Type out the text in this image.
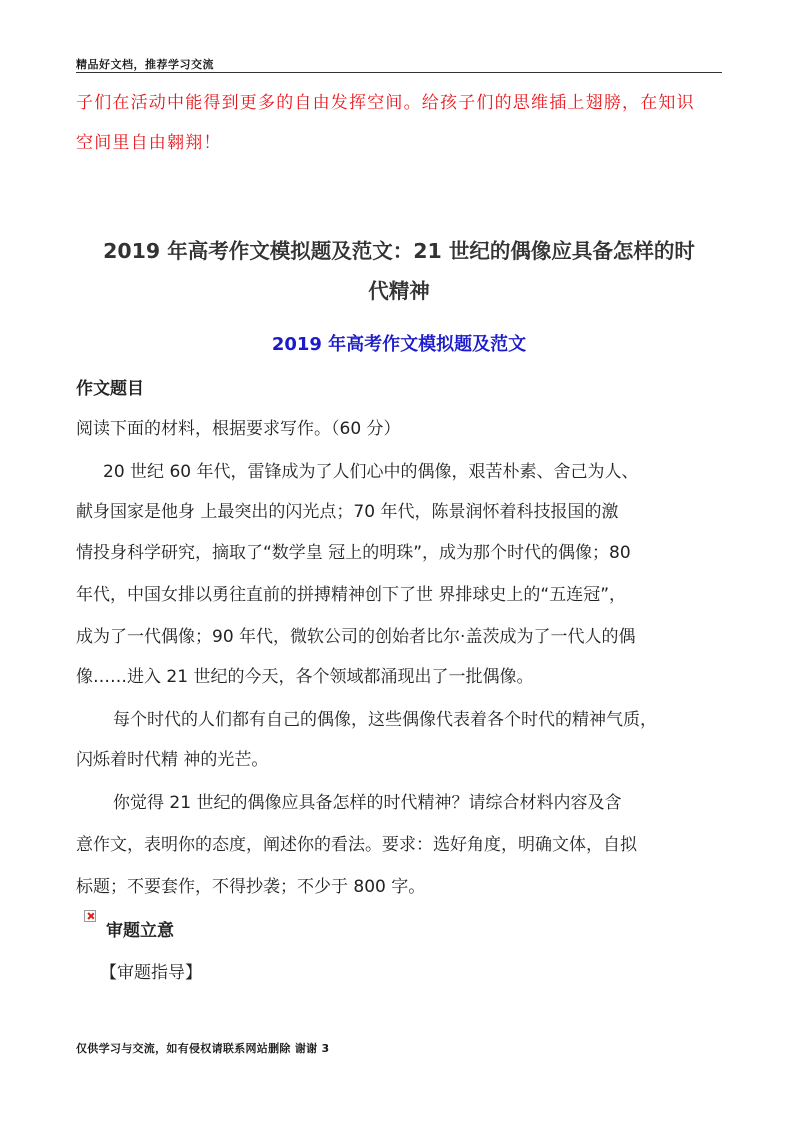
精品好文档，推荐学习交流
子们在活动中能得到更多的自由发挥空间。给孩子们的思维插上翅膀，在知识
空间里自由翱翔！
2019 年高考作文模拟题及范文：21 世纪的偶像应具备怎样的时
代精神
2019 年高考作文模拟题及范文
作文题目
阅读下面的材料，根据要求写作。（60 分）
　20 世纪 60 年代，雷锋成为了人们心中的偶像，艰苦朴素、舍己为人、
献身国家是他身 上最突出的闪光点；70 年代，陈景润怀着科技报国的激
情投身科学研究，摘取了“数学皇 冠上的明珠”，成为那个时代的偶像；80
年代，中国女排以勇往直前的拼搏精神创下了世 界排球史上的“五连冠”，
成为了一代偶像；90 年代，微软公司的创始者比尔·盖茨成为了一代人的偶
像……进入 21 世纪的今天，各个领域都涌现出了一批偶像。
　每个时代的人们都有自己的偶像，这些偶像代表着各个时代的精神气质，
闪烁着时代精 神的光芒。
　你觉得 21 世纪的偶像应具备怎样的时代精神？请综合材料内容及含
意作文，表明你的态度，阐述你的看法。要求：选好角度，明确文体，自拟
标题；不要套作，不得抄袭；不少于 800 字。
审题立意
【审题指导】
仅供学习与交流，如有侵权请联系网站删除 谢谢 3
